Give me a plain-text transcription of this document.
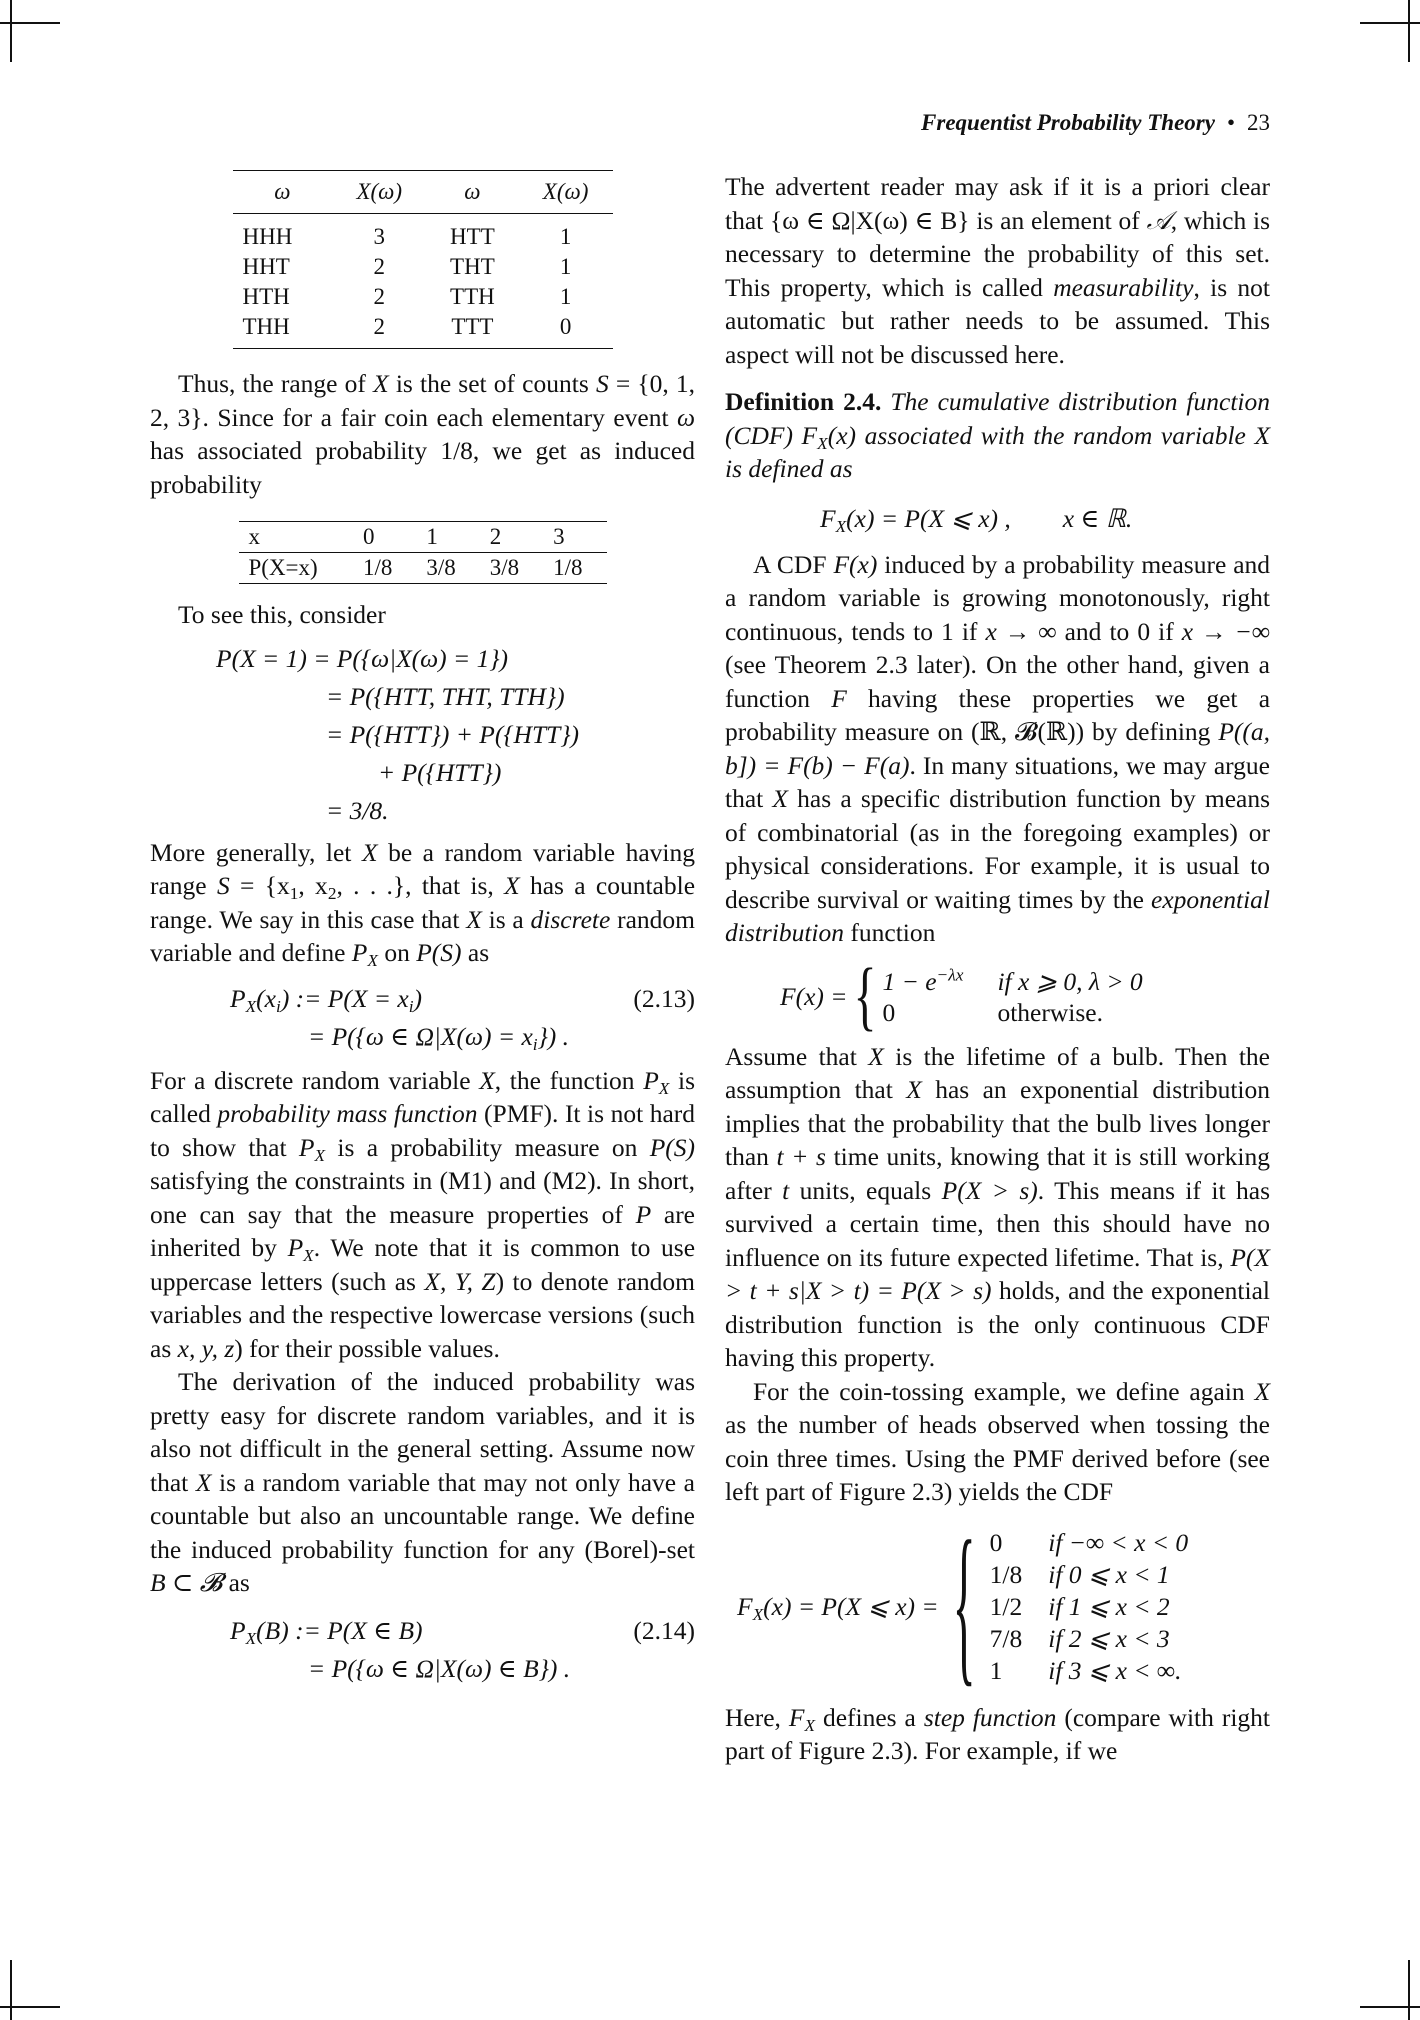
Frequentist Probability Theory • 23
ω	X(ω)	ω	X(ω)
HHH	3	HTT	1
HHT	2	THT	1
HTH	2	TTH	1
THH	2	TTT	0

Thus, the range of X is the set of counts S = {0, 1, 2, 3}. Since for a fair coin each elementary event ω has associated probability 1/8, we get as induced probability

x	0	1	2	3
P(X=x)	1/8	3/8	3/8	1/8

To see this, consider

P(X = 1) = P({ω|X(ω) = 1})
= P({HTT, THT, TTH})
= P({HTT}) + P({HTT})
+ P({HTT})
= 3/8.

More generally, let X be a random variable having range $S = \{x_1$, $x_2$, . . .}, that is, X has a countable range. We say in this case that X is a discrete random variable and define $P_X$ on P(S) as

$P_X(x_i)$ := $P(X = x_i)$
= P({ω ∈ $\Omega|X(\omega) = x_i$}) .
(2.13)

For a discrete random variable X, the function $P_X$ is called probability mass function (PMF). It is not hard to show that $P_X$ is a probability measure on P(S) satisfying the constraints in (M1) and (M2). In short, one can say that the measure properties of P are inherited by $P_X$. We note that it is common to use uppercase letters (such as X, Y, Z) to denote random variables and the respective lowercase versions (such as x, y, z) for their possible values.

The derivation of the induced probability was pretty easy for discrete random variables, and it is also not difficult in the general setting. Assume now that X is a random variable that may not only have a countable but also an uncountable range. We define the induced probability function for any (Borel)-set B ⊂ 𝓑 as

$P_X(B)$ := P(X ∈ B)
= P({ω ∈ Ω|X(ω) ∈ B}) .
(2.14)

The advertent reader may ask if it is a priori clear that {ω ∈ Ω|X(ω) ∈ B} is an element of 𝒜, which is necessary to determine the probability of this set. This property, which is called measurability, is not automatic but rather needs to be assumed. This aspect will not be discussed here.

Definition 2.4. The cumulative distribution function (CDF) $F_X(x)$ associated with the random variable X is defined as

$F_X(x) = P(X$ ⩽ x) , x ∈ ℝ.

A CDF F(x) induced by a probability measure and a random variable is growing monotonously, right continuous, tends to 1 if x → ∞ and to 0 if x → −∞ (see Theorem 2.3 later). On the other hand, given a function F having these properties we get a probability measure on (ℝ, 𝓑(ℝ)) by defining P((a, b]) = F(b) − F(a). In many situations, we may argue that X has a specific distribution function by means of combinatorial (as in the foregoing examples) or physical considerations. For example, it is usual to describe survival or waiting times by the exponential distribution function

F(x) = { $1 - e^{-\lambda x}$ if x ⩾ 0, λ > 0
0	otherwise.

Assume that X is the lifetime of a bulb. Then the assumption that X has an exponential distribution implies that the probability that the bulb lives longer than t + s time units, knowing that it is still working after t units, equals P(X > s). This means if it has survived a certain time, then this should have no influence on its future expected lifetime. That is, P(X > t + s|X > t) = P(X > s) holds, and the exponential distribution function is the only continuous CDF having this property.

For the coin-tossing example, we define again X as the number of heads observed when tossing the coin three times. Using the PMF derived before (see left part of Figure 2.3) yields the CDF

$F_X(x) = P(X$ ⩽ x) = { 0	if −∞ < x < 0
1/8 if 0 ⩽ x < 1
1/2 if 1 ⩽ x < 2
7/8 if 2 ⩽ x < 3
1	if 3 ⩽ x < ∞.

Here, $F_X$ defines a step function (compare with right part of Figure 2.3). For example, if we
